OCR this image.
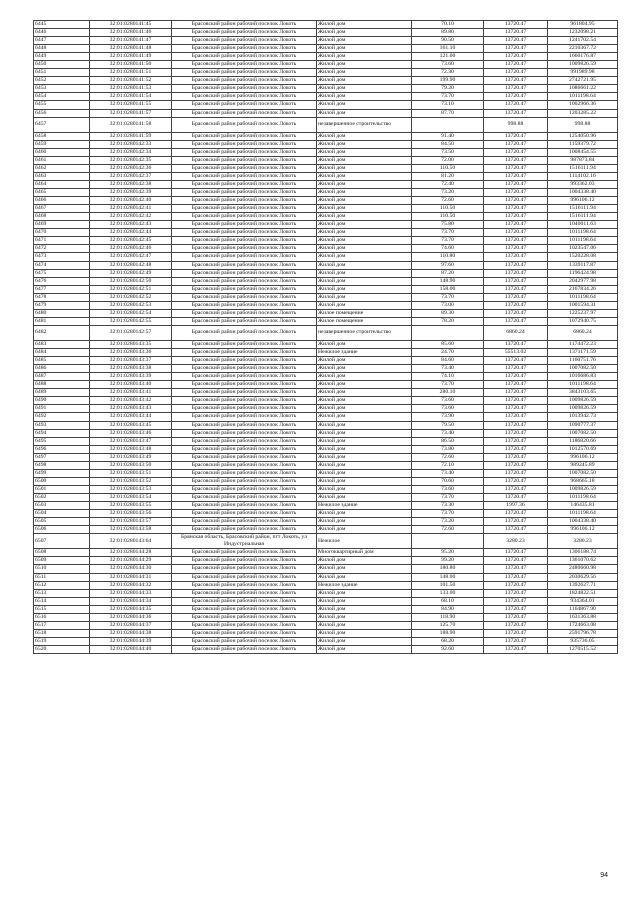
6445	32:01:0280141:45	Брасовский район рабочий поселок Локоть	Жилой дом	70.10	13720.47	961804.95
6446	32:01:0280141:46	Брасовский район рабочий поселок Локоть	Жилой дом	89.80	13720.47	1232098.21
6447	32:01:0280141:47	Брасовский район рабочий поселок Локоть	Жилой дом	90.50	13720.47	1241702.54
6448	32:01:0280141:48	Брасовский район рабочий поселок Локоть	Жилой дом	161.10	13720.47	2210367.72
6449	32:01:0280141:49	Брасовский район рабочий поселок Локоть	Жилой дом	121.00	13720.47	1660176.87
6450	32:01:0280141:50	Брасовский район рабочий поселок Локоть	Жилой дом	73.60	13720.47	1009826.59
6451	32:01:0280141:51	Брасовский район рабочий поселок Локоть	Жилой дом	72.30	13720.47	991989.98
6452	32:01:0280141:52	Брасовский район рабочий поселок Локоть	Жилой дом	199.90	13720.47	2742721.95
6453	32:01:0280141:53	Брасовский район рабочий поселок Локоть	Жилой дом	79.20	13720.47	1086661.22
6454	32:01:0280141:54	Брасовский район рабочий поселок Локоть	Жилой дом	73.70	13720.47	1011198.64
6455	32:01:0280141:55	Брасовский район рабочий поселок Локоть	Жилой дом	73.10	13720.47	1002966.36
6456	32:01:0280141:57	Брасовский район рабочий поселок Локоть	Жилой дом	87.70	13720.47	1203285.22
6457	32:01:0280141:58	Брасовский район рабочий поселок Локоть	незавершенное строительство		998.88	998.88
6458	32:01:0280141:59	Брасовский район рабочий поселок Локоть	Жилой дом	91.40	13720.47	1254050.96
6459	32:01:0280142:33	Брасовский район рабочий поселок Локоть	Жилой дом	84.50	13720.47	1159379.72
6460	32:01:0280142:34	Брасовский район рабочий поселок Локоть	Жилой дом	73.50	13720.47	1008454.55
6461	32:01:0280142:35	Брасовский район рабочий поселок Локоть	Жилой дом	72.00	13720.47	987873.84
6462	32:01:0280142:36	Брасовский район рабочий поселок Локоть	Жилой дом	110.50	13720.47	1516111.94
6463	32:01:0280142:37	Брасовский район рабочий поселок Локоть	Жилой дом	81.20	13720.47	1114102.16
6464	32:01:0280142:38	Брасовский район рабочий поселок Локоть	Жилой дом	72.40	13720.47	993362.03
6465	32:01:0280142:39	Брасовский район рабочий поселок Локоть	Жилой дом	73.20	13720.47	1004338.40
6466	32:01:0280142:40	Брасовский район рабочий поселок Локоть	Жилой дом	72.60	13720.47	996106.12
6467	32:01:0280142:41	Брасовский район рабочий поселок Локоть	Жилой дом	110.50	13720.47	1516111.94
6468	32:01:0280142:42	Брасовский район рабочий поселок Локоть	Жилой дом	110.50	13720.47	1516111.94
6469	32:01:0280142:43	Брасовский район рабочий поселок Локоть	Жилой дом	75.80	13720.47	1040011.63
6470	32:01:0280142:44	Брасовский район рабочий поселок Локоть	Жилой дом	73.70	13720.47	1011198.64
6471	32:01:0280142:45	Брасовский район рабочий поселок Локоть	Жилой дом	73.70	13720.47	1011198.64
6472	32:01:0280142:46	Брасовский район рабочий поселок Локоть	Жилой дом	74.60	13720.47	1023547.06
6473	32:01:0280142:47	Брасовский район рабочий поселок Локоть	Жилой дом	110.80	13720.47	1520228.08
6474	32:01:0280142:48	Брасовский район рабочий поселок Локоть	Жилой дом	97.60	13720.47	1339117.87
6475	32:01:0280142:49	Брасовский район рабочий поселок Локоть	Жилой дом	87.20	13720.47	1196424.98
6476	32:01:0280142:50	Брасовский район рабочий поселок Локоть	Жилой дом	148.90	13720.47	2042977.98
6477	32:01:0280142:51	Брасовский район рабочий поселок Локоть	Жилой дом	158.00	13720.47	2167834.26
6478	32:01:0280142:52	Брасовский район рабочий поселок Локоть	Жилой дом	73.70	13720.47	1011198.64
6479	32:01:0280142:53	Брасовский район рабочий поселок Локоть	Жилой дом	73.00	13720.47	1001594.31
6480	32:01:0280142:54	Брасовский район рабочий поселок Локоть	Жилое помещение	89.30	13720.47	1225237.97
6481	32:01:0280142:55	Брасовский район рабочий поселок Локоть	Жилое помещение	78.20	13720.47	1072940.75
6482	32:01:0280142:57	Брасовский район рабочий поселок Локоть	незавершенное строительство		6860.24	6860.24
6483	32:01:0280143:35	Брасовский район рабочий поселок Локоть	Жилой дом	85.60	13720.47	1174472.23
6484	32:01:0280143:36	Брасовский район рабочий поселок Локоть	Нежилое здание	24.70	55513.02	1371171.59
6485	32:01:0280143:37	Брасовский район рабочий поселок Локоть	Жилой дом	84.60	13720.47	1160751.76
6486	32:01:0280143:38	Брасовский район рабочий поселок Локоть	Жилой дом	73.40	13720.47	1007082.50
6487	32:01:0280143:39	Брасовский район рабочий поселок Локоть	Жилой дом	74.10	13720.47	1016686.83
6488	32:01:0280143:40	Брасовский район рабочий поселок Локоть	Жилой дом	73.70	13720.47	1011198.64
6489	32:01:0280143:41	Брасовский район рабочий поселок Локоть	Жилой дом	280.10	13720.47	3843103.65
6490	32:01:0280143:42	Брасовский район рабочий поселок Локоть	Жилой дом	73.60	13720.47	1009826.59
6491	32:01:0280143:43	Брасовский район рабочий поселок Локоть	Жилой дом	73.60	13720.47	1009826.59
6492	32:01:0280143:44	Брасовский район рабочий поселок Локоть	Жилой дом	73.90	13720.47	1013942.73
6493	32:01:0280143:45	Брасовский район рабочий поселок Локоть	Жилой дом	79.50	13720.47	1090777.37
6494	32:01:0280143:46	Брасовский район рабочий поселок Локоть	Жилой дом	73.40	13720.47	1007082.50
6495	32:01:0280143:47	Брасовский район рабочий поселок Локоть	Жилой дом	86.50	13720.47	1186820.66
6496	32:01:0280143:48	Брасовский район рабочий поселок Локоть	Жилой дом	73.80	13720.47	1012570.69
6497	32:01:0280143:49	Брасовский район рабочий поселок Локоть	Жилой дом	72.60	13720.47	996106.12
6498	32:01:0280143:50	Брасовский район рабочий поселок Локоть	Жилой дом	72.10	13720.47	989245.89
6499	32:01:0280143:51	Брасовский район рабочий поселок Локоть	Жилой дом	73.40	13720.47	1007082.50
6500	32:01:0280143:52	Брасовский район рабочий поселок Локоть	Жилой дом	70.60	13720.47	968665.18
6501	32:01:0280143:53	Брасовский район рабочий поселок Локоть	Жилой дом	73.60	13720.47	1009826.59
6502	32:01:0280143:54	Брасовский район рабочий поселок Локоть	Жилой дом	73.70	13720.47	1011198.64
6503	32:01:0280143:55	Брасовский район рабочий поселок Локоть	Нежилое здание	73.30	1997.36	146435.81
6504	32:01:0280143:56	Брасовский район рабочий поселок Локоть	Жилой дом	73.70	13720.47	1011198.64
6505	32:01:0280143:57	Брасовский район рабочий поселок Локоть	Жилой дом	73.20	13720.47	1004338.40
6506	32:01:0280143:58	Брасовский район рабочий поселок Локоть	Жилой дом	72.60	13720.47	996106.12
6507	32:01:0280143:64	Брянская область, Брасовский район, пгт Локоть, ул Индустриальная	Нежилое		3280.23	3280.23
6508	32:01:0280144:28	Брасовский район рабочий поселок Локоть	Многоквартирный дом	95.20	13720.47	1306188.74
6509	32:01:0280144:29	Брасовский район рабочий поселок Локоть	Жилой дом	99.20	13720.47	1361070.62
6510	32:01:0280144:30	Брасовский район рабочий поселок Локоть	Жилой дом	180.80	13720.47	2480660.98
6511	32:01:0280144:31	Брасовский район рабочий поселок Локоть	Жилой дом	148.00	13720.47	2030629.56
6512	32:01:0280144:32	Брасовский район рабочий поселок Локоть	Нежилое здание	101.50	13720.47	1392627.71
6513	32:01:0280144:33	Брасовский район рабочий поселок Локоть	Жилой дом	133.00	13720.47	1824822.51
6514	32:01:0280144:34	Брасовский район рабочий поселок Локоть	Жилой дом	68.10	13720.47	934364.01
6515	32:01:0280144:35	Брасовский район рабочий поселок Локоть	Жилой дом	84.90	13720.47	1164867.90
6516	32:01:0280144:36	Брасовский район рабочий поселок Локоть	Жилой дом	118.90	13720.47	1631363.88
6517	32:01:0280144:37	Брасовский район рабочий поселок Локоть	Жилой дом	125.70	13720.47	1724663.08
6518	32:01:0280144:38	Брасовский район рабочий поселок Локоть	Жилой дом	188.90	13720.47	2591796.78
6519	32:01:0280144:39	Брасовский район рабочий поселок Локоть	Жилой дом	68.20	13720.47	935736.05
6520	32:01:0280144:40	Брасовский район рабочий поселок Локоть	Жилой дом	92.60	13720.47	1270515.52
94
